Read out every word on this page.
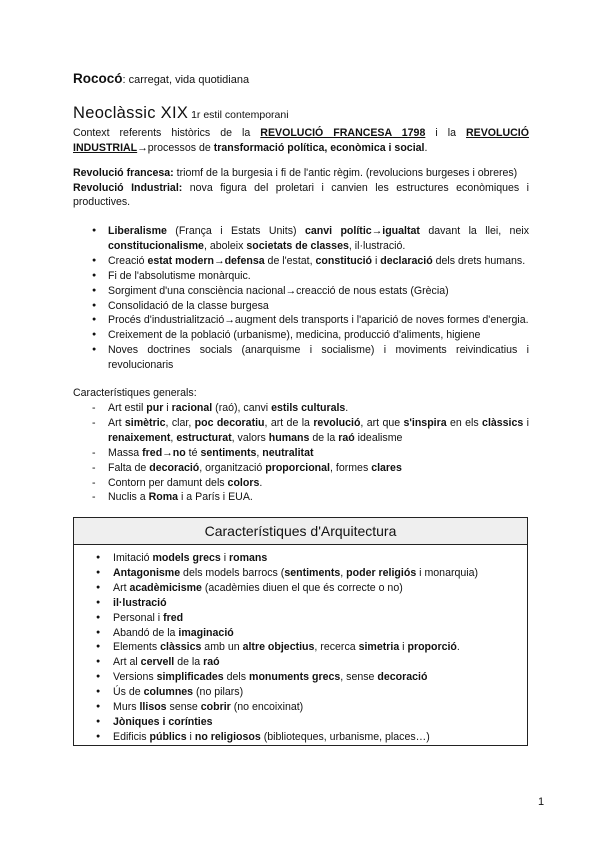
Rococó: carregat, vida quotidiana
Neoclàssic XIX 1r estil contemporani
Context referents històrics de la REVOLUCIÓ FRANCESA 1798 i la REVOLUCIÓ INDUSTRIAL→processos de transformació política, econòmica i social.
Revolució francesa: triomf de la burgesia i fi de l'antic règim. (revolucions burgeses i obreres)
Revolució Industrial: nova figura del proletari i canvien les estructures econòmiques i productives.
● Liberalisme (França i Estats Units) canvi polític→igualtat davant la llei, neix constitucionalisme, aboleix societats de classes, il·lustració.
● Creació estat modern→defensa de l'estat, constitució i declaració dels drets humans.
● Fi de l'absolutisme monàrquic.
● Sorgiment d'una consciència nacional→creacció de nous estats (Grècia)
● Consolidació de la classe burgesa
● Procés d'industrialització→augment dels transports i l'aparició de noves formes d'energia.
● Creixement de la població (urbanisme), medicina, producció d'aliments, higiene
● Noves doctrines socials (anarquisme i socialisme) i moviments reivindicatius i revolucionaris
Característiques generals:
- Art estil pur i racional (raó), canvi estils culturals.
- Art simètric, clar, poc decoratiu, art de la revolució, art que s'inspira en els clàssics i renaixement, estructurat, valors humans de la raó idealisme
- Massa fred→no té sentiments, neutralitat
- Falta de decoració, organització proporcional, formes clares
- Contorn per damunt dels colors.
- Nuclis a Roma i a París i EUA.
Característiques d'Arquitectura
● Imitació models grecs i romans
● Antagonisme dels models barrocs (sentiments, poder religiós i monarquia)
● Art acadèmicisme (acadèmies diuen el que és correcte o no)
● il·lustració
● Personal i fred
● Abandó de la imaginació
● Elements clàssics amb un altre objectius, recerca simetria i proporció.
● Art al cervell de la raó
● Versions simplificades dels monuments grecs, sense decoració
● Ús de columnes (no pilars)
● Murs llisos sense cobrir (no encoixinat)
● Jòniques i corínties
● Edificis públics i no religiosos (biblioteques, urbanisme, places…)
1
